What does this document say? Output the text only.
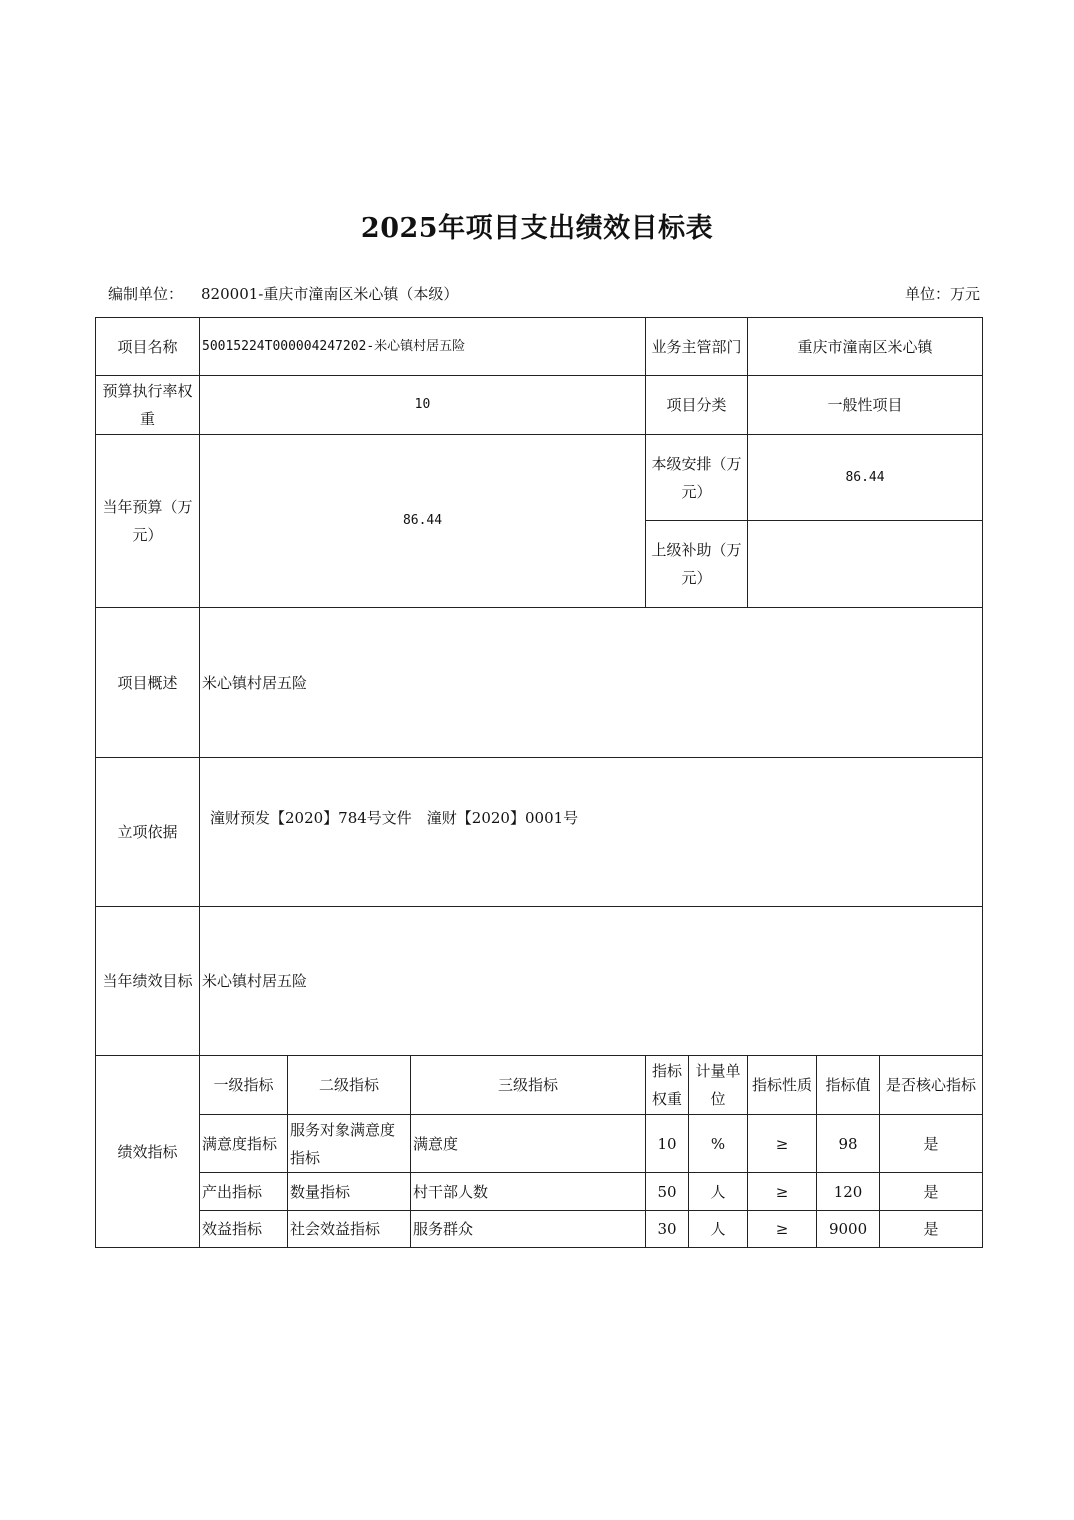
2025年项目支出绩效目标表
编制单位： 820001-重庆市潼南区米心镇（本级）	单位：万元
项目名称	50015224T000004247202-米心镇村居五险			业务主管部门		重庆市潼南区米心镇		
预算执行率权重	10			项目分类		一般性项目		
当年预算（万元）	86.44			本级安排（万元）		86.44		
				上级补助（万元）				
项目概述	米心镇村居五险							
立项依据	潼财预发【2020】784号文件　潼财【2020】0001号							

当年绩效目标	米心镇村居五险							
绩效指标	一级指标	二级指标	三级指标	指标权重	计量单位	指标性质	指标值	是否核心指标
	满意度指标	服务对象满意度指标	满意度	10	%	≥	98	是
	产出指标	数量指标	村干部人数	50	人	≥	120	是
	效益指标	社会效益指标	服务群众	30	人	≥	9000	是
